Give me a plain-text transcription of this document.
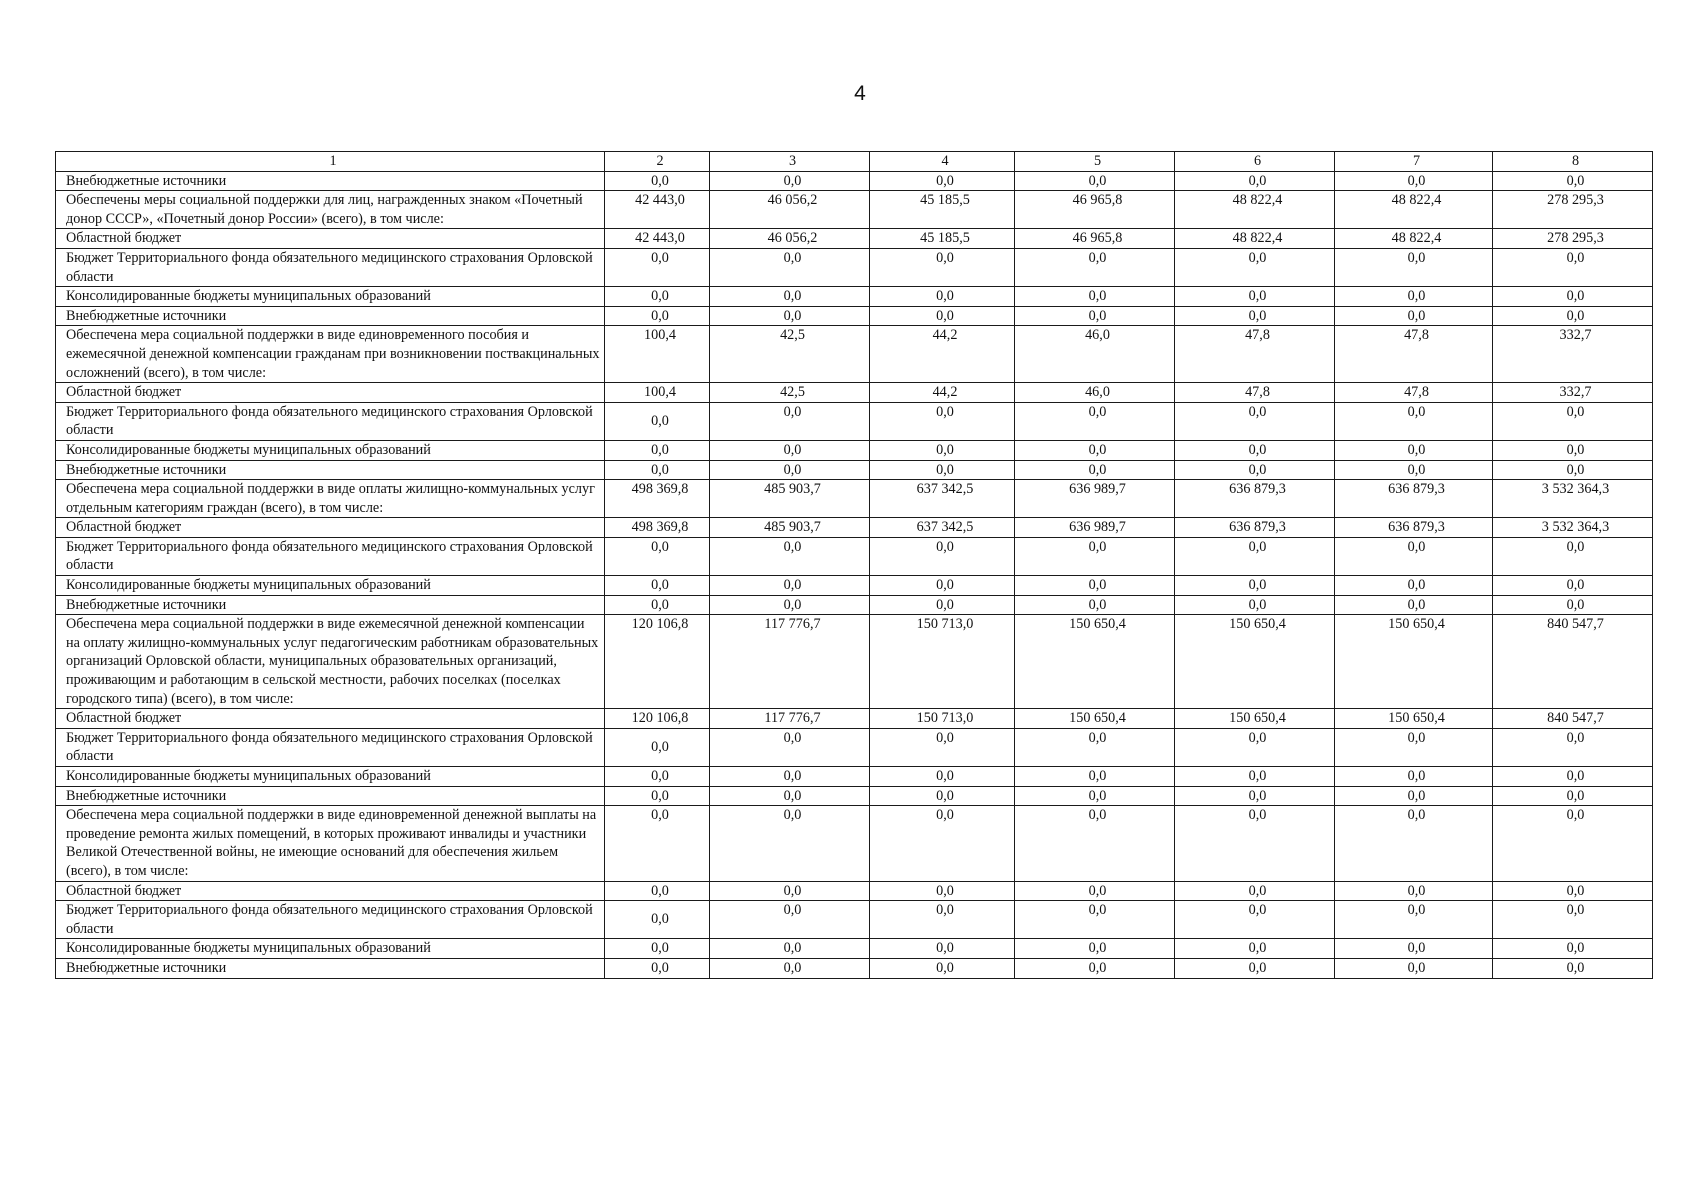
4
1	2	3	4	5	6	7	8
Внебюджетные источники	0,0	0,0	0,0	0,0	0,0	0,0	0,0
Обеспечены меры социальной поддержки для лиц, награжденных знаком «Почетный донор СССР», «Почетный донор России» (всего), в том числе:	42 443,0	46 056,2	45 185,5	46 965,8	48 822,4	48 822,4	278 295,3
Областной бюджет	42 443,0	46 056,2	45 185,5	46 965,8	48 822,4	48 822,4	278 295,3
Бюджет Территориального фонда обязательного медицинского страхования Орловской области	0,0	0,0	0,0	0,0	0,0	0,0	0,0
Консолидированные бюджеты муниципальных образований	0,0	0,0	0,0	0,0	0,0	0,0	0,0
Внебюджетные источники	0,0	0,0	0,0	0,0	0,0	0,0	0,0
Обеспечена мера социальной поддержки в виде единовременного пособия и ежемесячной денежной компенсации гражданам при возникновении поствакцинальных осложнений (всего), в том числе:	100,4	42,5	44,2	46,0	47,8	47,8	332,7
Областной бюджет	100,4	42,5	44,2	46,0	47,8	47,8	332,7
Бюджет Территориального фонда обязательного медицинского страхования Орловской области	0,0	0,0	0,0	0,0	0,0	0,0	0,0
Консолидированные бюджеты муниципальных образований	0,0	0,0	0,0	0,0	0,0	0,0	0,0
Внебюджетные источники	0,0	0,0	0,0	0,0	0,0	0,0	0,0
Обеспечена мера социальной поддержки в виде оплаты жилищно-коммунальных услуг отдельным категориям граждан (всего), в том числе:	498 369,8	485 903,7	637 342,5	636 989,7	636 879,3	636 879,3	3 532 364,3
Областной бюджет	498 369,8	485 903,7	637 342,5	636 989,7	636 879,3	636 879,3	3 532 364,3
Бюджет Территориального фонда обязательного медицинского страхования Орловской области	0,0	0,0	0,0	0,0	0,0	0,0	0,0
Консолидированные бюджеты муниципальных образований	0,0	0,0	0,0	0,0	0,0	0,0	0,0
Внебюджетные источники	0,0	0,0	0,0	0,0	0,0	0,0	0,0
Обеспечена мера социальной поддержки в виде ежемесячной денежной компенсации на оплату жилищно-коммунальных услуг педагогическим работникам образовательных организаций Орловской области, муниципальных образовательных организаций, проживающим и работающим в сельской местности, рабочих поселках (поселках городского типа) (всего), в том числе:	120 106,8	117 776,7	150 713,0	150 650,4	150 650,4	150 650,4	840 547,7
Областной бюджет	120 106,8	117 776,7	150 713,0	150 650,4	150 650,4	150 650,4	840 547,7
Бюджет Территориального фонда обязательного медицинского страхования Орловской области	0,0	0,0	0,0	0,0	0,0	0,0	0,0
Консолидированные бюджеты муниципальных образований	0,0	0,0	0,0	0,0	0,0	0,0	0,0
Внебюджетные источники	0,0	0,0	0,0	0,0	0,0	0,0	0,0
Обеспечена мера социальной поддержки в виде единовременной денежной выплаты на проведение ремонта жилых помещений, в которых проживают инвалиды и участники Великой Отечественной войны, не имеющие оснований для обеспечения жильем (всего), в том числе:	0,0	0,0	0,0	0,0	0,0	0,0	0,0
Областной бюджет	0,0	0,0	0,0	0,0	0,0	0,0	0,0
Бюджет Территориального фонда обязательного медицинского страхования Орловской области	0,0	0,0	0,0	0,0	0,0	0,0	0,0
Консолидированные бюджеты муниципальных образований	0,0	0,0	0,0	0,0	0,0	0,0	0,0
Внебюджетные источники	0,0	0,0	0,0	0,0	0,0	0,0	0,0
